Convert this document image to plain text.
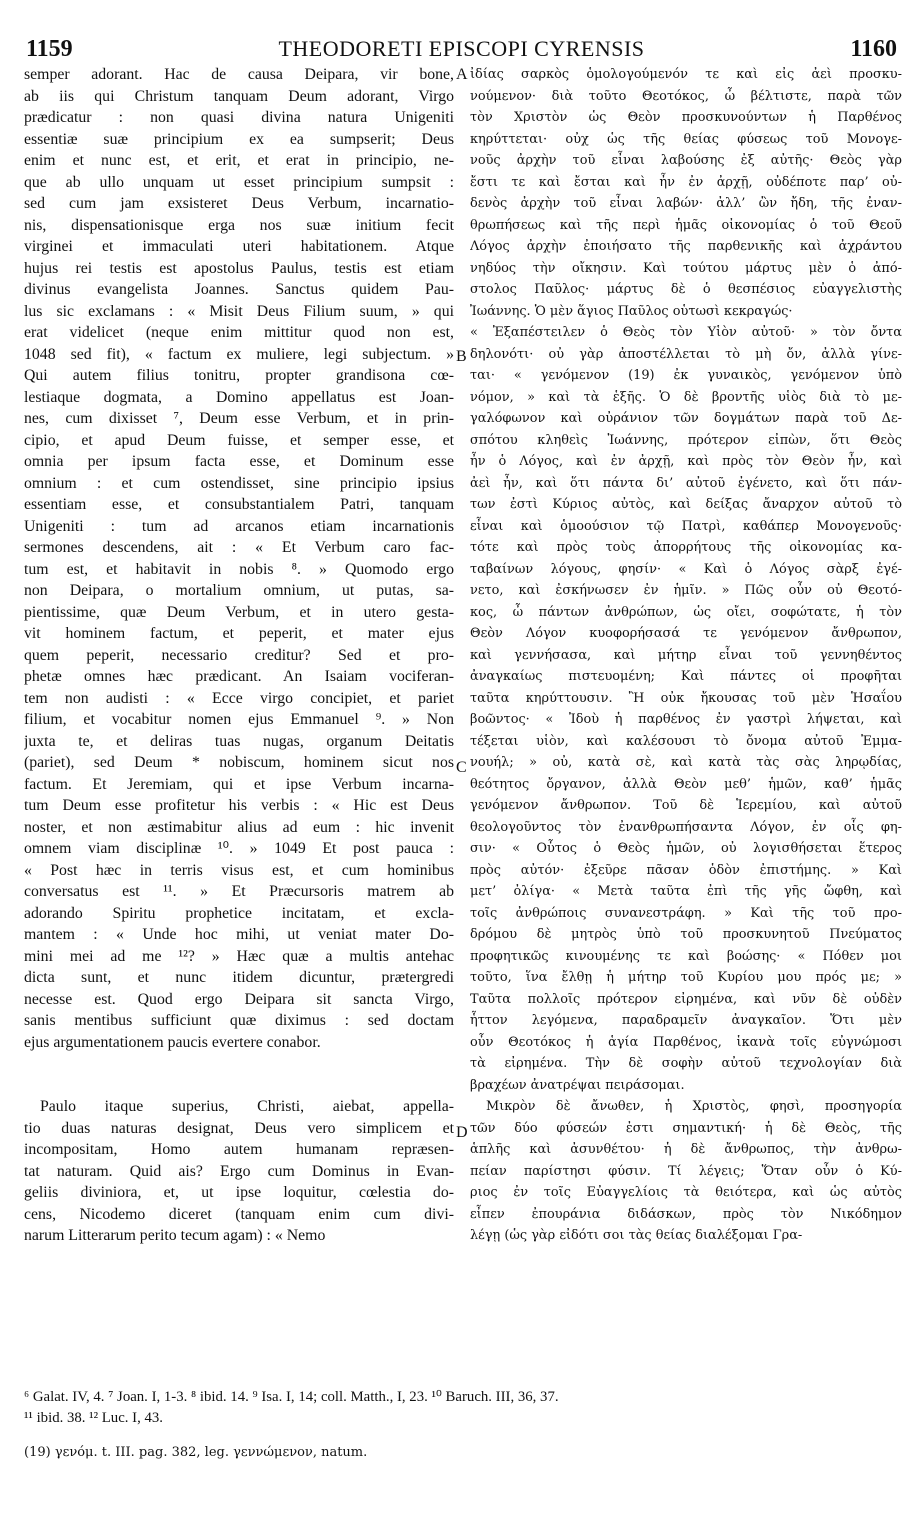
1159	THEODORETI EPISCOPI CYRENSIS	1160
semper adorant. Hac de causa Deipara, vir bone,
ab iis qui Christum tanquam Deum adorant, Virgo
prædicatur : non quasi divina natura Unigeniti
essentiæ suæ principium ex ea sumpserit; Deus
enim et nunc est, et erit, et erat in principio, ne-
que ab ullo unquam ut esset principium sumpsit :
sed cum jam exsisteret Deus Verbum, incarnatio-
nis, dispensationisque erga nos suæ initium fecit
virginei et immaculati uteri habitationem. Atque
hujus rei testis est apostolus Paulus, testis est etiam
divinus evangelista Joannes. Sanctus quidem Pau-
lus sic exclamans : « Misit Deus Filium suum, » qui
erat videlicet (neque enim mittitur quod non est,
1048 sed fit), « factum ex muliere, legi subjectum. »
Qui autem filius tonitru, propter grandisona cœ-
lestiaque dogmata, a Domino appellatus est Joan-
nes, cum dixisset ⁷, Deum esse Verbum, et in prin-
cipio, et apud Deum fuisse, et semper esse, et
omnia per ipsum facta esse, et Dominum esse
omnium : et cum ostendisset, sine principio ipsius
essentiam esse, et consubstantialem Patri, tanquam
Unigeniti : tum ad arcanos etiam incarnationis
sermones descendens, ait : « Et Verbum caro fac-
tum est, et habitavit in nobis ⁸. » Quomodo ergo
non Deipara, o mortalium omnium, ut putas, sa-
pientissime, quæ Deum Verbum, et in utero gesta-
vit hominem factum, et peperit, et mater ejus
quem peperit, necessario creditur? Sed et pro-
phetæ omnes hæc prædicant. An Isaiam vociferan-
tem non audisti : « Ecce virgo concipiet, et pariet
filium, et vocabitur nomen ejus Emmanuel ⁹. » Non
juxta te, et deliras tuas nugas, organum Deitatis
(pariet), sed Deum * nobiscum, hominem sicut nos
factum. Et Jeremiam, qui et ipse Verbum incarna-
tum Deum esse profitetur his verbis : « Hic est Deus
noster, et non æstimabitur alius ad eum : hic invenit
omnem viam disciplinæ ¹⁰. » 1049 Et post pauca :
« Post hæc in terris visus est, et cum hominibus
conversatus est ¹¹. » Et Præcursoris matrem ab
adorando Spiritu prophetice incitatam, et excla-
mantem : « Unde hoc mihi, ut veniat mater Do-
mini mei ad me ¹²? » Hæc quæ a multis antehac
dicta sunt, et nunc itidem dicuntur, prætergredi
necesse est. Quod ergo Deipara sit sancta Virgo,
sanis mentibus sufficiunt quæ diximus : sed doctam
ejus argumentationem paucis evertere conabor.
Paulo itaque superius, Christi, aiebat, appella-
tio duas naturas designat, Deus vero simplicem et
incompositam, Homo autem humanam repræsen-
tat naturam. Quid ais? Ergo cum Dominus in Evan-
geliis diviniora, et, ut ipse loquitur, cœlestia do-
cens, Nicodemo diceret (tanquam enim cum divi-
narum Litterarum perito tecum agam) : « Nemo
ἰδίας σαρκὸς ὁμολογούμενόν τε καὶ εἰς ἀεὶ προσκυ-
νούμενον· διὰ τοῦτο Θεοτόκος, ὦ βέλτιστε, παρὰ τῶν
τὸν Χριστὸν ὡς Θεὸν προσκυνούντων ἡ Παρθένος
κηρύττεται· οὐχ ὡς τῆς θείας φύσεως τοῦ Μονογε-
νοῦς ἀρχὴν τοῦ εἶναι λαβούσης ἐξ αὐτῆς· Θεὸς γὰρ
ἔστι τε καὶ ἔσται καὶ ἦν ἐν ἀρχῇ, οὐδέποτε παρ’ οὐ-
δενὸς ἀρχὴν τοῦ εἶναι λαβών· ἀλλ’ ὢν ἤδη, τῆς ἐναν-
θρωπήσεως καὶ τῆς περὶ ἡμᾶς οἰκονομίας ὁ τοῦ Θεοῦ
Λόγος ἀρχὴν ἐποιήσατο τῆς παρθενικῆς καὶ ἀχράντου
νηδύος τὴν οἴκησιν. Καὶ τούτου μάρτυς μὲν ὁ ἀπό-
στολος Παῦλος· μάρτυς δὲ ὁ θεσπέσιος εὐαγγελιστὴς
Ἰωάννης. Ὁ μὲν ἅγιος Παῦλος οὑτωσὶ κεκραγώς·
« Ἐξαπέστειλεν ὁ Θεὸς τὸν Υἱὸν αὐτοῦ· » τὸν ὄντα
δηλονότι· οὐ γὰρ ἀποστέλλεται τὸ μὴ ὄν, ἀλλὰ γίνε-
ται· « γενόμενον (19) ἐκ γυναικὸς, γενόμενον ὑπὸ
νόμον, » καὶ τὰ ἑξῆς. Ὁ δὲ βροντῆς υἱὸς διὰ τὸ με-
γαλόφωνον καὶ οὐράνιον τῶν δογμάτων παρὰ τοῦ Δε-
σπότου κληθεὶς Ἰωάννης, πρότερον εἰπὼν, ὅτι Θεὸς
ἦν ὁ Λόγος, καὶ ἐν ἀρχῇ, καὶ πρὸς τὸν Θεὸν ἦν, καὶ
ἀεὶ ἦν, καὶ ὅτι πάντα δι’ αὐτοῦ ἐγένετο, καὶ ὅτι πάν-
των ἐστὶ Κύριος αὐτὸς, καὶ δείξας ἄναρχον αὐτοῦ τὸ
εἶναι καὶ ὁμοούσιον τῷ Πατρὶ, καθάπερ Μονογενοῦς·
τότε καὶ πρὸς τοὺς ἀπορρήτους τῆς οἰκονομίας κα-
ταβαίνων λόγους, φησίν· « Καὶ ὁ Λόγος σὰρξ ἐγέ-
νετο, καὶ ἐσκήνωσεν ἐν ἡμῖν. » Πῶς οὖν οὐ Θεοτό-
κος, ὦ πάντων ἀνθρώπων, ὡς οἴει, σοφώτατε, ἡ τὸν
Θεὸν Λόγον κυοφορήσασά τε γενόμενον ἄνθρωπον,
καὶ γεννήσασα, καὶ μήτηρ εἶναι τοῦ γεννηθέντος
ἀναγκαίως πιστευομένη; Καὶ πάντες οἱ προφῆται
ταῦτα κηρύττουσιν. Ἢ οὐκ ἤκουσας τοῦ μὲν Ἡσαΐου
βοῶντος· « Ἰδοὺ ἡ παρθένος ἐν γαστρὶ λήψεται, καὶ
τέξεται υἱὸν, καὶ καλέσουσι τὸ ὄνομα αὐτοῦ Ἐμμα-
νουήλ; » οὐ, κατὰ σὲ, καὶ κατὰ τὰς σὰς ληρῳδίας,
θεότητος ὄργανον, ἀλλὰ Θεὸν μεθ’ ἡμῶν, καθ’ ἡμᾶς
γενόμενον ἄνθρωπον. Τοῦ δὲ Ἱερεμίου, καὶ αὐτοῦ
θεολογοῦντος τὸν ἐνανθρωπήσαντα Λόγον, ἐν οἷς φη-
σιν· « Οὗτος ὁ Θεὸς ἡμῶν, οὐ λογισθήσεται ἕτερος
πρὸς αὐτόν· ἐξεῦρε πᾶσαν ὁδὸν ἐπιστήμης. » Καὶ
μετ’ ὀλίγα· « Μετὰ ταῦτα ἐπὶ τῆς γῆς ὤφθη, καὶ
τοῖς ἀνθρώποις συνανεστράφη. » Καὶ τῆς τοῦ προ-
δρόμου δὲ μητρὸς ὑπὸ τοῦ προσκυνητοῦ Πνεύματος
προφητικῶς κινουμένης τε καὶ βοώσης· « Πόθεν μοι
τοῦτο, ἵνα ἔλθῃ ἡ μήτηρ τοῦ Κυρίου μου πρός με; »
Ταῦτα πολλοῖς πρότερον εἰρημένα, καὶ νῦν δὲ οὐδὲν
ἧττον λεγόμενα, παραδραμεῖν ἀναγκαῖον. Ὅτι μὲν
οὖν Θεοτόκος ἡ ἁγία Παρθένος, ἱκανὰ τοῖς εὐγνώμοσι
τὰ εἰρημένα. Τὴν δὲ σοφὴν αὐτοῦ τεχνολογίαν διὰ
βραχέων ἀνατρέψαι πειράσομαι.
Μικρὸν δὲ ἄνωθεν, ἡ Χριστὸς, φησὶ, προσηγορία
τῶν δύο φύσεών ἐστι σημαντική· ἡ δὲ Θεὸς, τῆς
ἁπλῆς καὶ ἀσυνθέτου· ἡ δὲ ἄνθρωπος, τὴν ἀνθρω-
πείαν παρίστησι φύσιν. Τί λέγεις; Ὅταν οὖν ὁ Κύ-
ριος ἐν τοῖς Εὐαγγελίοις τὰ θειότερα, καὶ ὡς αὐτὸς
εἶπεν ἐπουράνια διδάσκων, πρὸς τὸν Νικόδημον
λέγῃ (ὡς γὰρ εἰδότι σοι τὰς θείας διαλέξομαι Γρα-
A
B
C
D
⁶ Galat. IV, 4. ⁷ Joan. I, 1-3. ⁸ ibid. 14. ⁹ Isa. I, 14; coll. Matth., I, 23. ¹⁰ Baruch. III, 36, 37.
¹¹ ibid. 38. ¹² Luc. I, 43.
(19) γενόμ. t. III. pag. 382, leg. γεννώμενον, natum.
